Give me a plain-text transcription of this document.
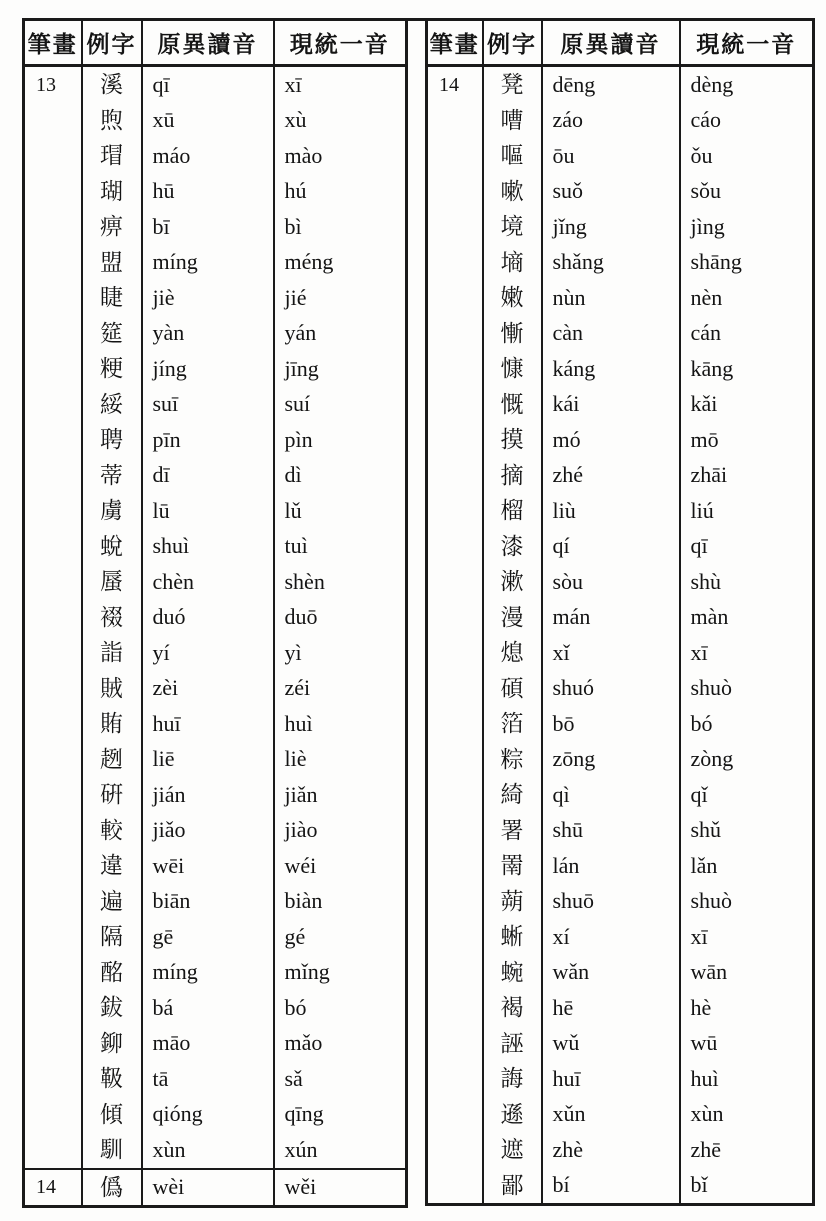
筆畫	例字	原異讀音	現統一音
13	溪	qī	xī
	煦	xū	xù
	瑁	máo	mào
	瑚	hū	hú
	痹	bī	bì
	盟	míng	méng
	睫	jiè	jié
	筵	yàn	yán
	粳	jíng	jīng
	綏	suī	suí
	聘	pīn	pìn
	蒂	dī	dì
	虜	lū	lǔ
	蛻	shuì	tuì
	蜃	chèn	shèn
	裰	duó	duō
	詣	yí	yì
	賊	zèi	zéi
	賄	huī	huì
	趔	liē	liè
	硏	jián	jiǎn
	較	jiǎo	jiào
	違	wēi	wéi
	遍	biān	biàn
	隔	gē	gé
	酩	míng	mǐng
	鈸	bá	bó
	鉚	māo	mǎo
	靸	tā	sǎ
	傾	qióng	qīng
	馴	xùn	xún
14	僞	wèi	wěi
筆畫	例字	原異讀音	現統一音
14	凳	dēng	dèng
	嘈	záo	cáo
	嘔	ōu	ǒu
	嗽	suǒ	sǒu
	境	jǐng	jìng
	墒	shǎng	shāng
	嫩	nùn	nèn
	慚	càn	cán
	慷	káng	kāng
	慨	kái	kǎi
	摸	mó	mō
	摘	zhé	zhāi
	榴	liù	liú
	漆	qí	qī
	漱	sòu	shù
	漫	mán	màn
	熄	xǐ	xī
	碩	shuó	shuò
	箔	bō	bó
	粽	zōng	zòng
	綺	qì	qǐ
	署	shū	shǔ
	罱	lán	lǎn
	蒴	shuō	shuò
	蜥	xí	xī
	蜿	wǎn	wān
	褐	hē	hè
	誣	wǔ	wū
	誨	huī	huì
	遜	xǔn	xùn
	遮	zhè	zhē
	鄙	bí	bǐ
